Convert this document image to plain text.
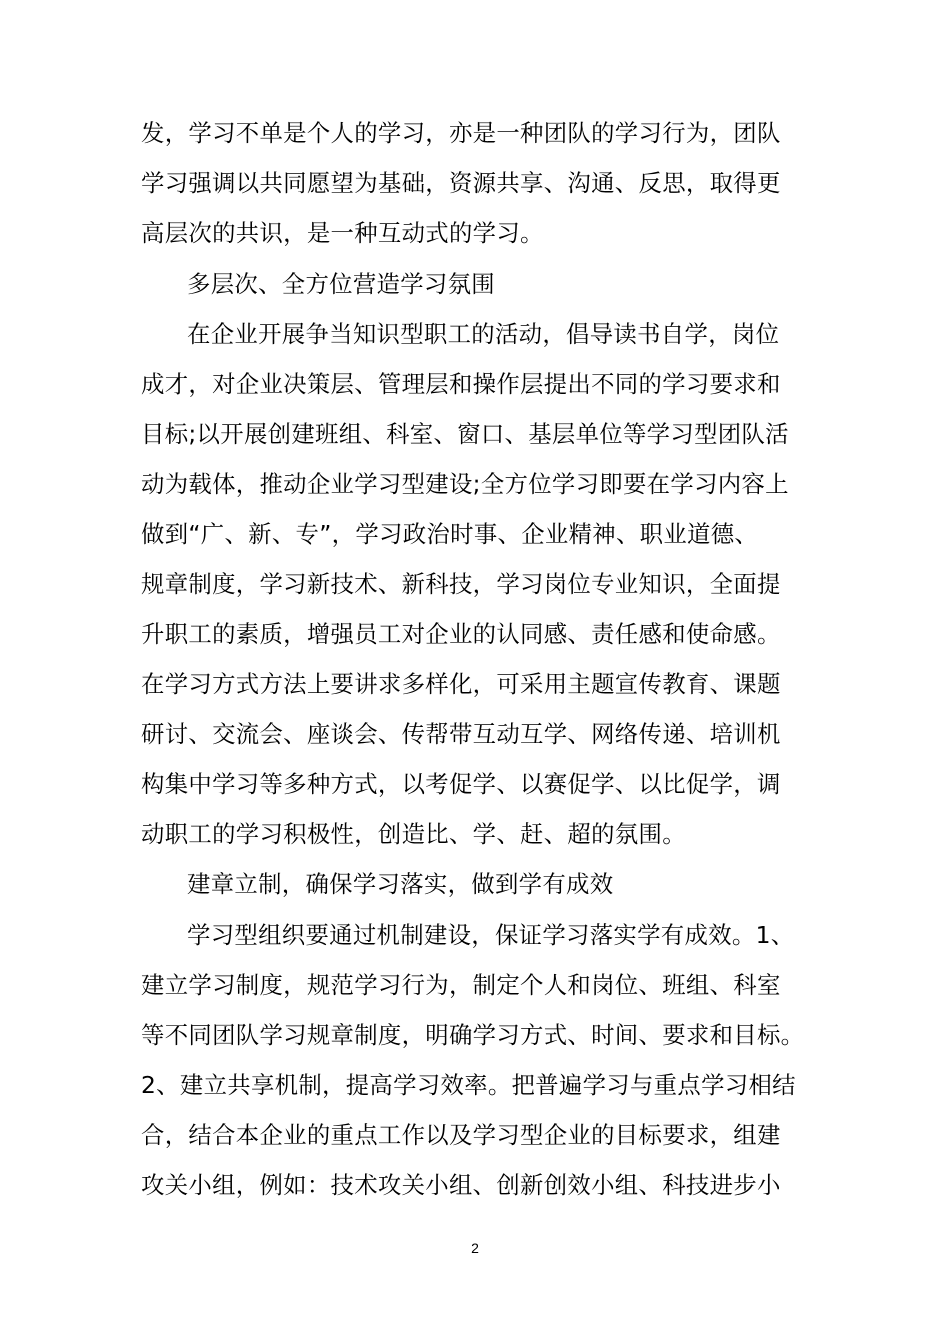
发，学习不单是个人的学习，亦是一种团队的学习行为，团队
学习强调以共同愿望为基础，资源共享、沟通、反思，取得更
高层次的共识，是一种互动式的学习。
多层次、全方位营造学习氛围
在企业开展争当知识型职工的活动，倡导读书自学，岗位
成才，对企业决策层、管理层和操作层提出不同的学习要求和
目标;以开展创建班组、科室、窗口、基层单位等学习型团队活
动为载体，推动企业学习型建设;全方位学习即要在学习内容上
做到“广、新、专”，学习政治时事、企业精神、职业道德、
规章制度，学习新技术、新科技，学习岗位专业知识，全面提
升职工的素质，增强员工对企业的认同感、责任感和使命感。
在学习方式方法上要讲求多样化，可采用主题宣传教育、课题
研讨、交流会、座谈会、传帮带互动互学、网络传递、培训机
构集中学习等多种方式，以考促学、以赛促学、以比促学，调
动职工的学习积极性，创造比、学、赶、超的氛围。
建章立制，确保学习落实，做到学有成效
学习型组织要通过机制建设，保证学习落实学有成效。1、
建立学习制度，规范学习行为，制定个人和岗位、班组、科室
等不同团队学习规章制度，明确学习方式、时间、要求和目标。
2、建立共享机制，提高学习效率。把普遍学习与重点学习相结
合，结合本企业的重点工作以及学习型企业的目标要求，组建
攻关小组，例如：技术攻关小组、创新创效小组、科技进步小
2
